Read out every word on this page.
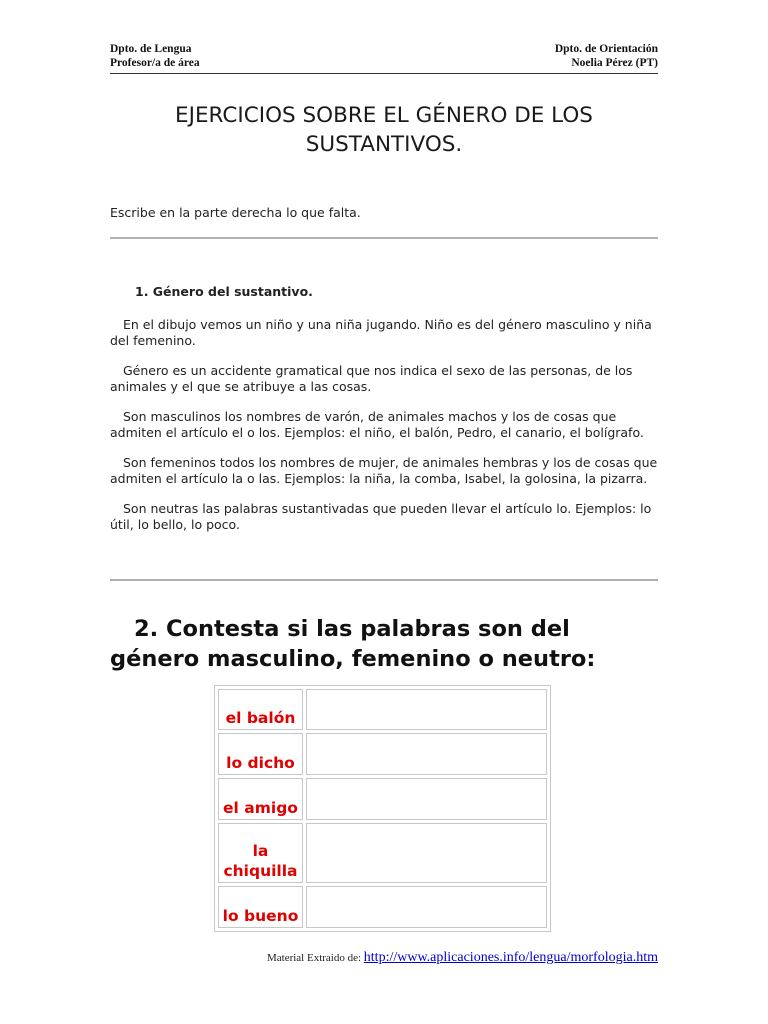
Dpto. de Lengua
Profesor/a de área
Dpto. de Orientación
Noelia Pérez (PT)
EJERCICIOS SOBRE EL GÉNERO DE LOS
SUSTANTIVOS.
Escribe en la parte derecha lo que falta.
1. Género del sustantivo.

En el dibujo vemos un niño y una niña jugando. Niño es del género masculino y niña del femenino.

Género es un accidente gramatical que nos indica el sexo de las personas, de los animales y el que se atribuye a las cosas.

Son masculinos los nombres de varón, de animales machos y los de cosas que admiten el artículo el o los. Ejemplos: el niño, el balón, Pedro, el canario, el bolígrafo.

Son femeninos todos los nombres de mujer, de animales hembras y los de cosas que admiten el artículo la o las. Ejemplos: la niña, la comba, Isabel, la golosina, la pizarra.

Son neutras las palabras sustantivadas que pueden llevar el artículo lo. Ejemplos: lo útil, lo bello, lo poco.

2. Contesta si las palabras son del
género masculino, femenino o neutro:
el balón	
lo dicho	
el amigo	
la chiquilla	
lo bueno	
Material Extraido de: http://www.aplicaciones.info/lengua/morfologia.htm
